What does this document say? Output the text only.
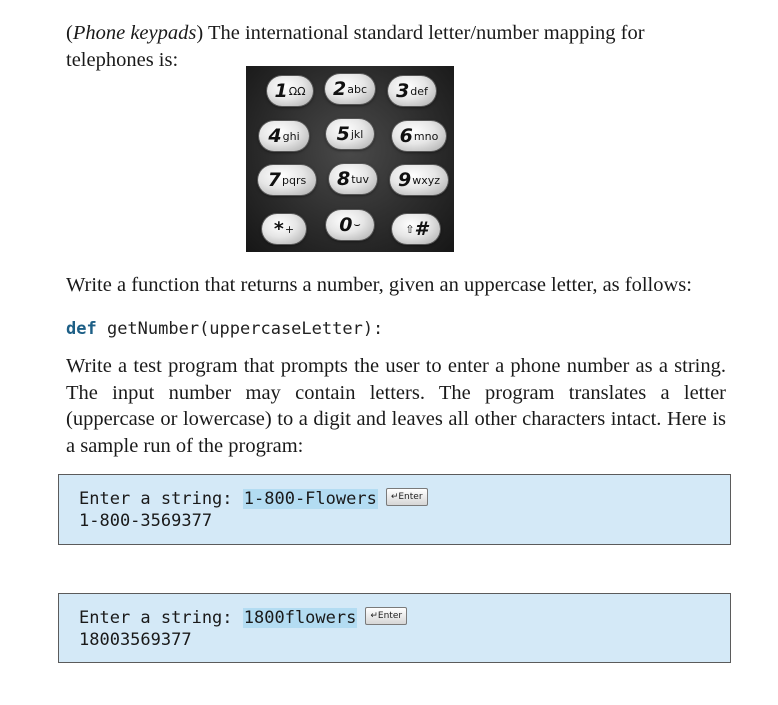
(Phone keypads) The international standard letter/number mapping for telephones is:
1 ΩΩ 2 abc 3 def
4 ghi 5 jkl 6 mno
7 pqrs 8 tuv 9 wxyz
* + 0 ⌣	⇧ #
Write a function that returns a number, given an uppercase letter, as follows:
def getNumber(uppercaseLetter):
Write a test program that prompts the user to enter a phone number as a string. The input number may contain letters. The program translates a letter (uppercase or lowercase) to a digit and leaves all other characters intact. Here is a sample run of the program:
Enter a string: 1-800-Flowers ↵Enter
1-800-3569377
Enter a string: 1800flowers ↵Enter
18003569377
